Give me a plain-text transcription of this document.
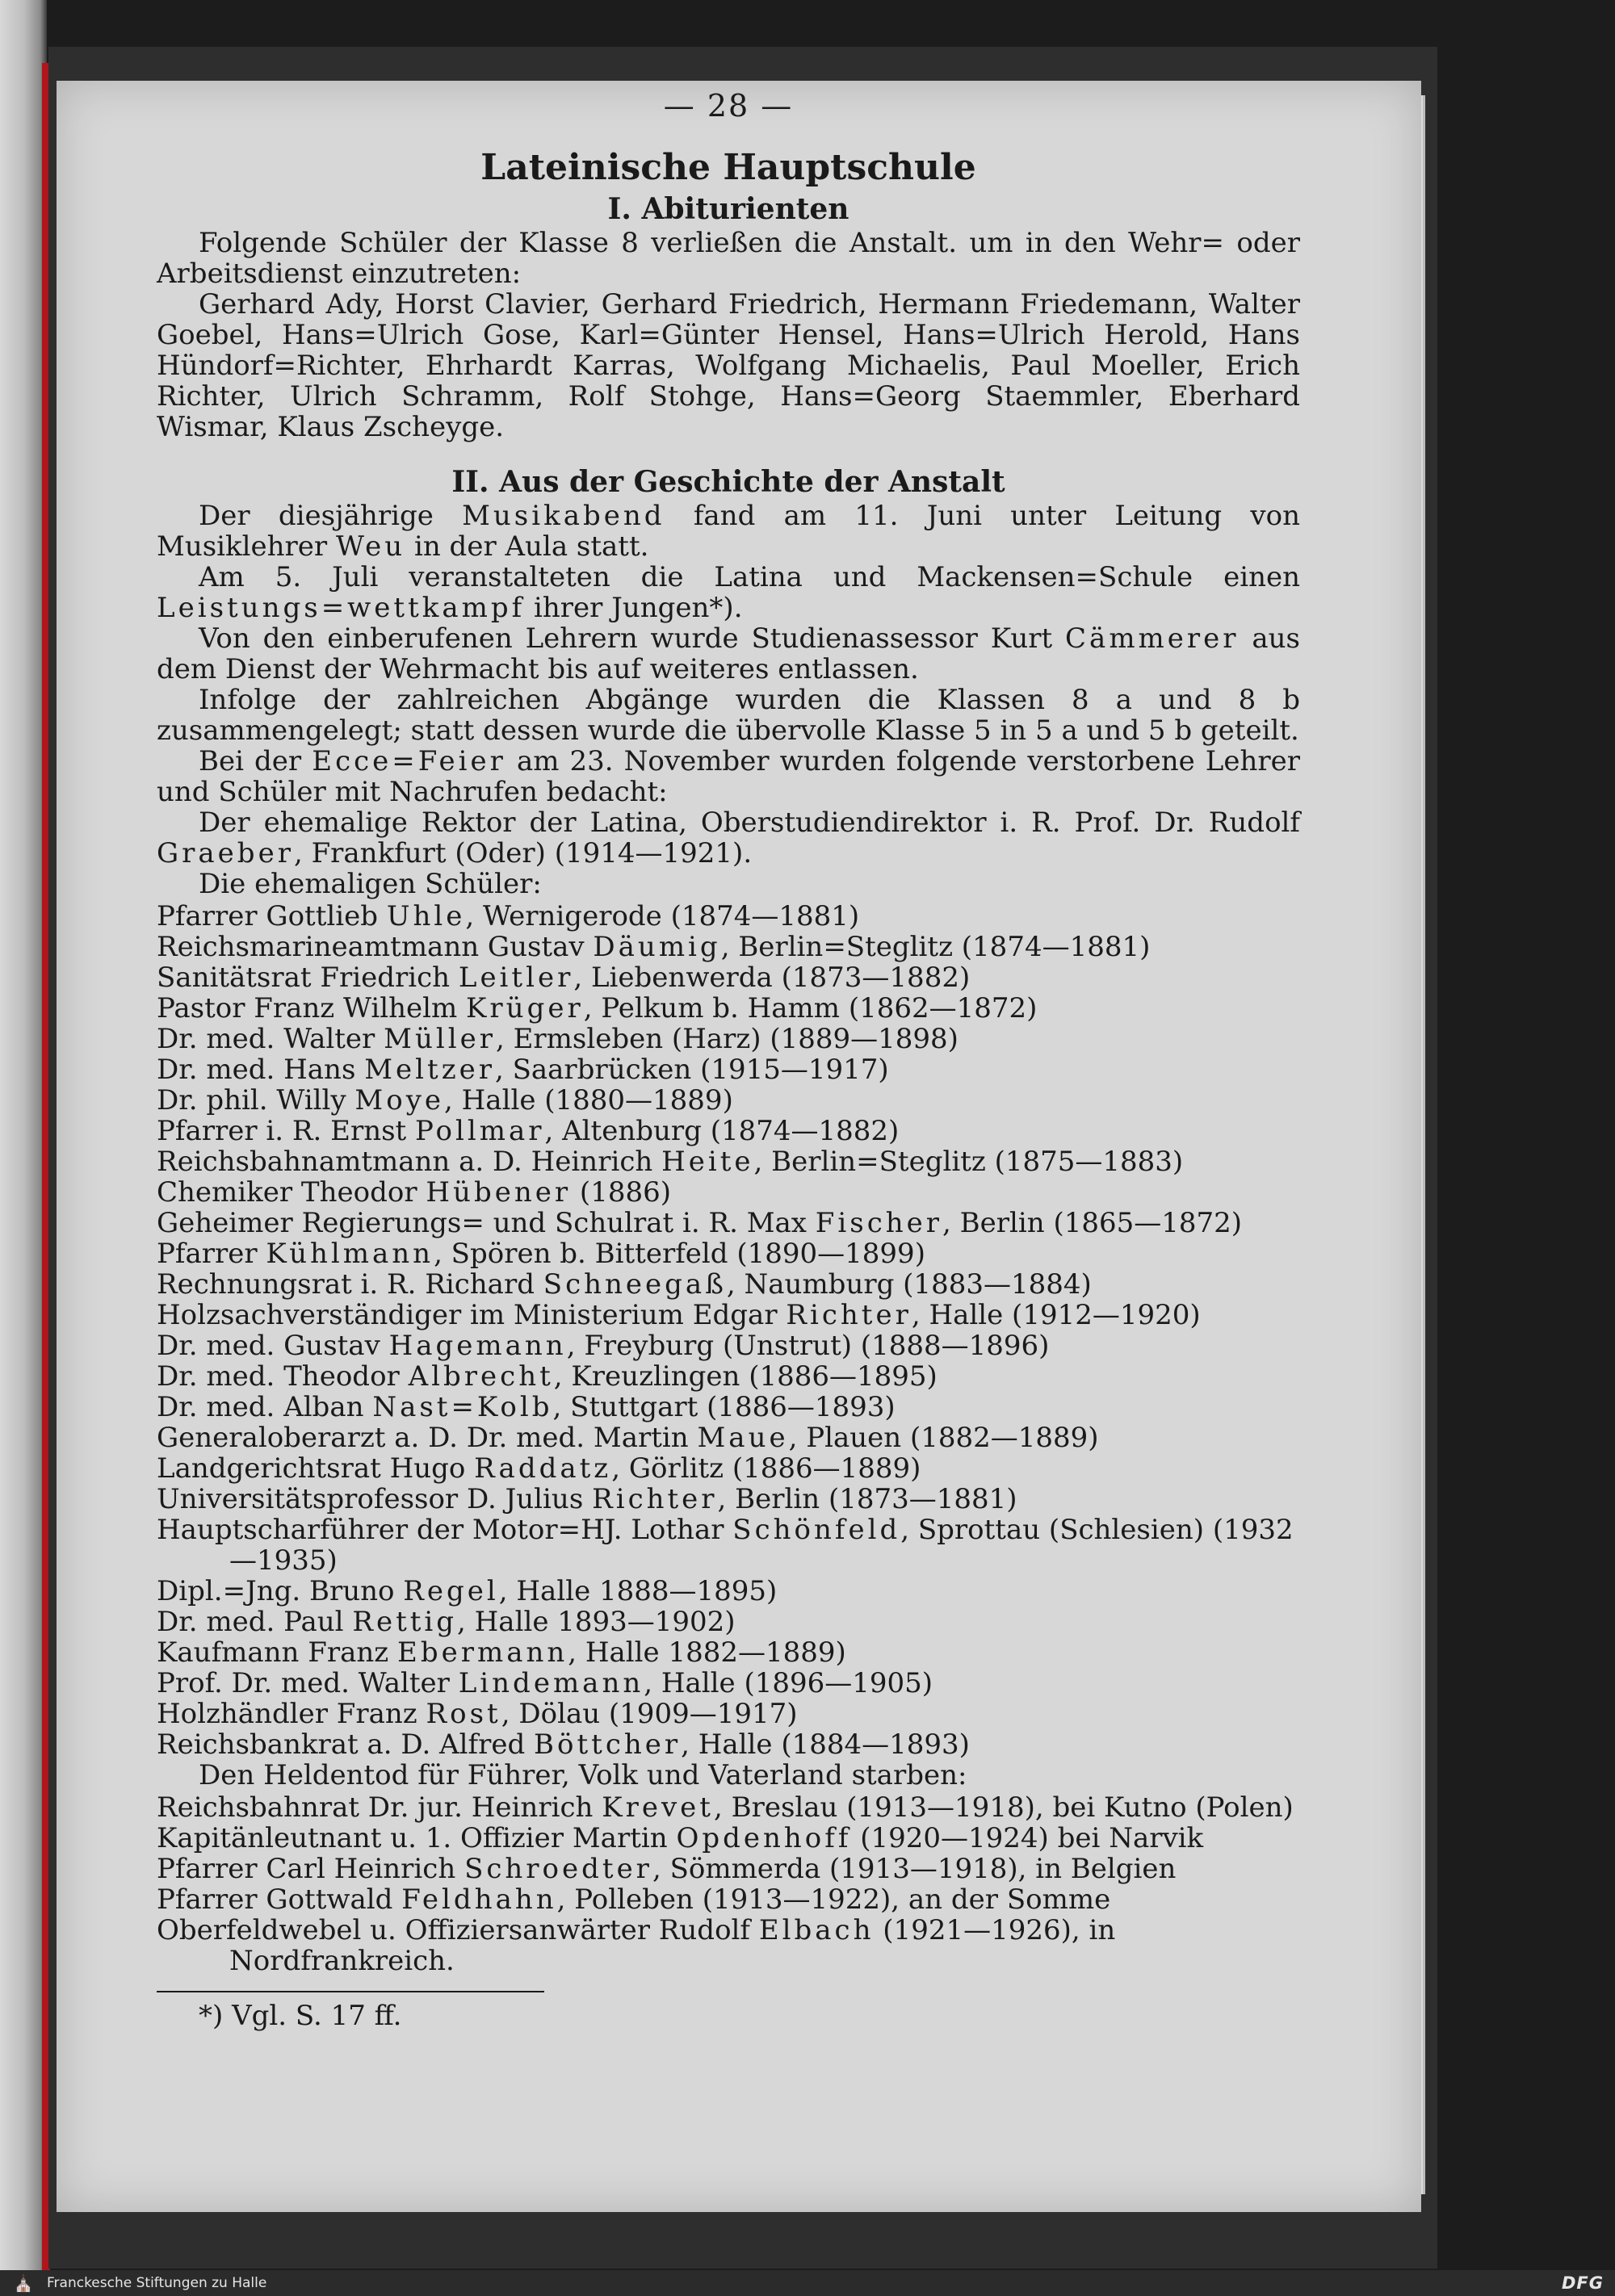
— 28 —
Lateinische Hauptschule
I. Abiturienten

Folgende Schüler der Klasse 8 verließen die Anstalt. um in den Wehr= oder Arbeitsdienst einzutreten:

Gerhard Ady, Horst Clavier, Gerhard Friedrich, Hermann Friedemann, Walter Goebel, Hans=Ulrich Gose, Karl=Günter Hensel, Hans=Ulrich Herold, Hans Hündorf=Richter, Ehrhardt Karras, Wolfgang Michaelis, Paul Moeller, Erich Richter, Ulrich Schramm, Rolf Stohge, Hans=Georg Staemmler, Eberhard Wismar, Klaus Zscheyge.

II. Aus der Geschichte der Anstalt

Der diesjährige Musikabend fand am 11. Juni unter Leitung von Musiklehrer Weu in der Aula statt.

Am 5. Juli veranstalteten die Latina und Mackensen=Schule einen Leistungs=wettkampf ihrer Jungen*).

Von den einberufenen Lehrern wurde Studienassessor Kurt Cämmerer aus dem Dienst der Wehrmacht bis auf weiteres entlassen.

Infolge der zahlreichen Abgänge wurden die Klassen 8 a und 8 b zusammengelegt; statt dessen wurde die übervolle Klasse 5 in 5 a und 5 b geteilt.

Bei der Ecce=Feier am 23. November wurden folgende verstorbene Lehrer und Schüler mit Nachrufen bedacht:

Der ehemalige Rektor der Latina, Oberstudiendirektor i. R. Prof. Dr. Rudolf Graeber, Frankfurt (Oder) (1914—1921).

Die ehemaligen Schüler:

Pfarrer Gottlieb Uhle, Wernigerode (1874—1881)

Reichsmarineamtmann Gustav Däumig, Berlin=Steglitz (1874—1881)

Sanitätsrat Friedrich Leitler, Liebenwerda (1873—1882)

Pastor Franz Wilhelm Krüger, Pelkum b. Hamm (1862—1872)

Dr. med. Walter Müller, Ermsleben (Harz) (1889—1898)

Dr. med. Hans Meltzer, Saarbrücken (1915—1917)

Dr. phil. Willy Moye, Halle (1880—1889)

Pfarrer i. R. Ernst Pollmar, Altenburg (1874—1882)

Reichsbahnamtmann a. D. Heinrich Heite, Berlin=Steglitz (1875—1883)

Chemiker Theodor Hübener (1886)

Geheimer Regierungs= und Schulrat i. R. Max Fischer, Berlin (1865—1872)

Pfarrer Kühlmann, Spören b. Bitterfeld (1890—1899)

Rechnungsrat i. R. Richard Schneegaß, Naumburg (1883—1884)

Holzsachverständiger im Ministerium Edgar Richter, Halle (1912—1920)

Dr. med. Gustav Hagemann, Freyburg (Unstrut) (1888—1896)

Dr. med. Theodor Albrecht, Kreuzlingen (1886—1895)

Dr. med. Alban Nast=Kolb, Stuttgart (1886—1893)

Generaloberarzt a. D. Dr. med. Martin Maue, Plauen (1882—1889)

Landgerichtsrat Hugo Raddatz, Görlitz (1886—1889)

Universitätsprofessor D. Julius Richter, Berlin (1873—1881)

Hauptscharführer der Motor=HJ. Lothar Schönfeld, Sprottau (Schlesien) (1932—1935)

Dipl.=Jng. Bruno Regel, Halle 1888—1895)

Dr. med. Paul Rettig, Halle 1893—1902)

Kaufmann Franz Ebermann, Halle 1882—1889)

Prof. Dr. med. Walter Lindemann, Halle (1896—1905)

Holzhändler Franz Rost, Dölau (1909—1917)

Reichsbankrat a. D. Alfred Böttcher, Halle (1884—1893)

Den Heldentod für Führer, Volk und Vaterland starben:

Reichsbahnrat Dr. jur. Heinrich Krevet, Breslau (1913—1918), bei Kutno (Polen)

Kapitänleutnant u. 1. Offizier Martin Opdenhoff (1920—1924) bei Narvik

Pfarrer Carl Heinrich Schroedter, Sömmerda (1913—1918), in Belgien

Pfarrer Gottwald Feldhahn, Polleben (1913—1922), an der Somme

Oberfeldwebel u. Offiziersanwärter Rudolf Elbach (1921—1926), in Nordfrankreich.

*) Vgl. S. 17 ff.

⛪ Franckesche Stiftungen zu Halle	DFG
